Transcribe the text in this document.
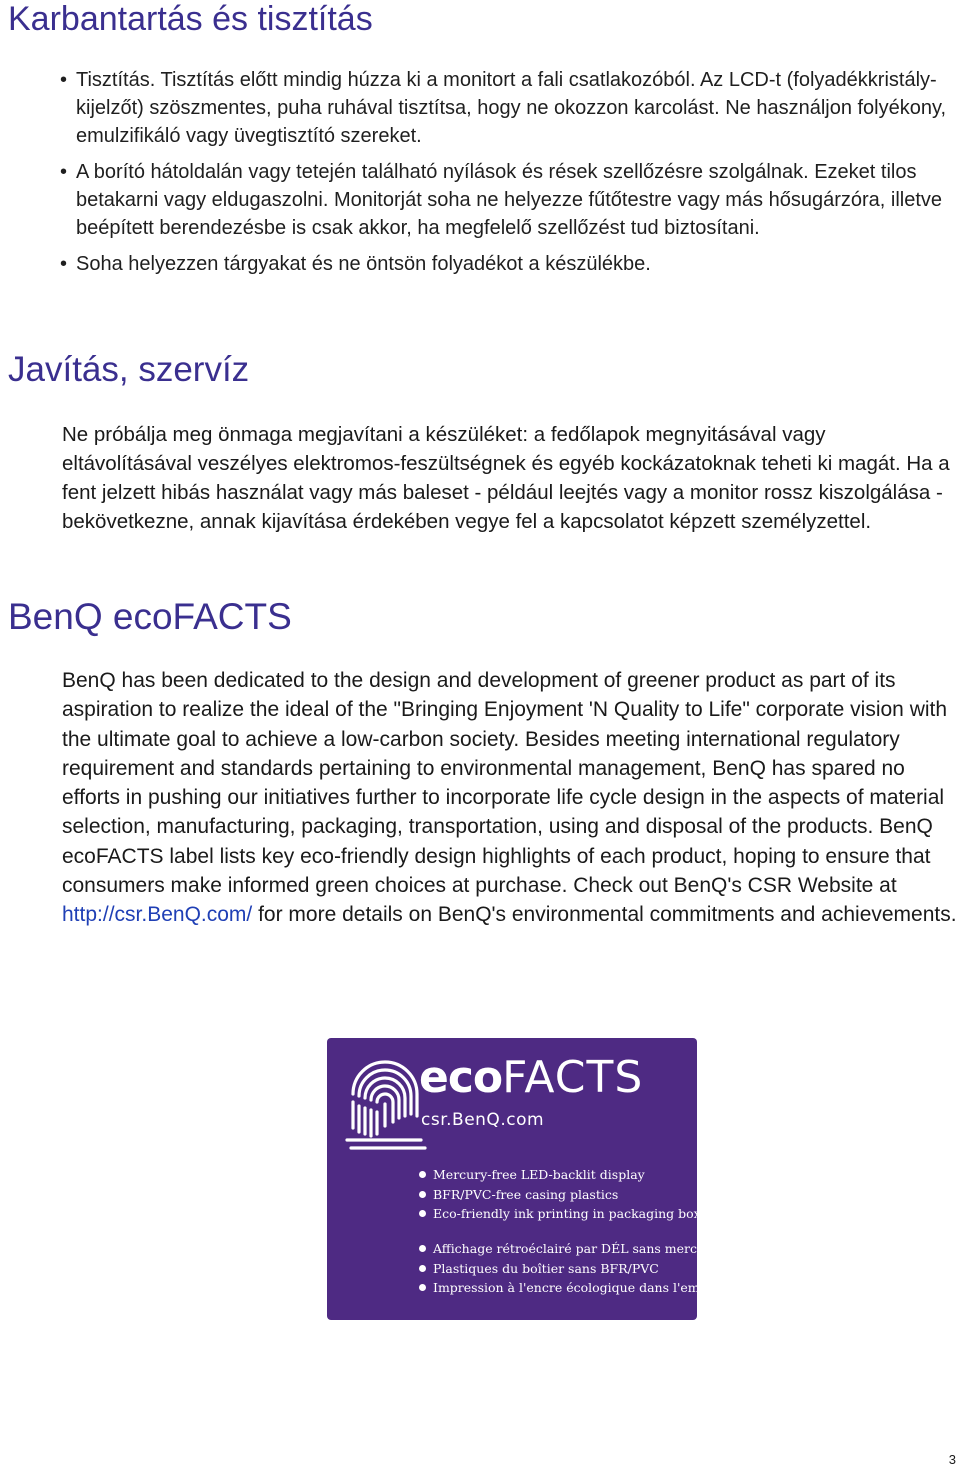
Karbantartás és tisztítás
• Tisztítás. Tisztítás előtt mindig húzza ki a monitort a fali csatlakozóból. Az LCD-t (folyadékkristály-kijelzőt) szöszmentes, puha ruhával tisztítsa, hogy ne okozzon karcolást. Ne használjon folyékony, emulzifikáló vagy üvegtisztító szereket.
• A borító hátoldalán vagy tetején található nyílások és rések szellőzésre szolgálnak. Ezeket tilos betakarni vagy eldugaszolni. Monitorját soha ne helyezze fűtőtestre vagy más hősugárzóra, illetve beépített berendezésbe is csak akkor, ha megfelelő szellőzést tud biztosítani.
• Soha helyezzen tárgyakat és ne öntsön folyadékot a készülékbe.
Javítás, szervíz

Ne próbálja meg önmaga megjavítani a készüléket: a fedőlapok megnyitásával vagy eltávolításával veszélyes elektromos-feszültségnek és egyéb kockázatoknak teheti ki magát. Ha a fent jelzett hibás használat vagy más baleset - például leejtés vagy a monitor rossz kiszolgálása - bekövetkezne, annak kijavítása érdekében vegye fel a kapcsolatot képzett személyzettel.

BenQ ecoFACTS

BenQ has been dedicated to the design and development of greener product as part of its aspiration to realize the ideal of the "Bringing Enjoyment 'N Quality to Life" corporate vision with the ultimate goal to achieve a low-carbon society. Besides meeting international regulatory requirement and standards pertaining to environmental management, BenQ has spared no efforts in pushing our initiatives further to incorporate life cycle design in the aspects of material selection, manufacturing, packaging, transportation, using and disposal of the products. BenQ ecoFACTS label lists key eco-friendly design highlights of each product, hoping to ensure that consumers make informed green choices at purchase. Check out BenQ's CSR Website at http://csr.BenQ.com/ for more details on BenQ's environmental commitments and achievements.

ecoFACTS
csr.BenQ.com
Mercury-free LED-backlit display
BFR/PVC-free casing plastics
Eco-friendly ink printing in packaging box
Affichage rétroéclairé par DÉL sans mercure
Plastiques du boîtier sans BFR/PVC
Impression à l'encre écologique dans l'emballage
3
